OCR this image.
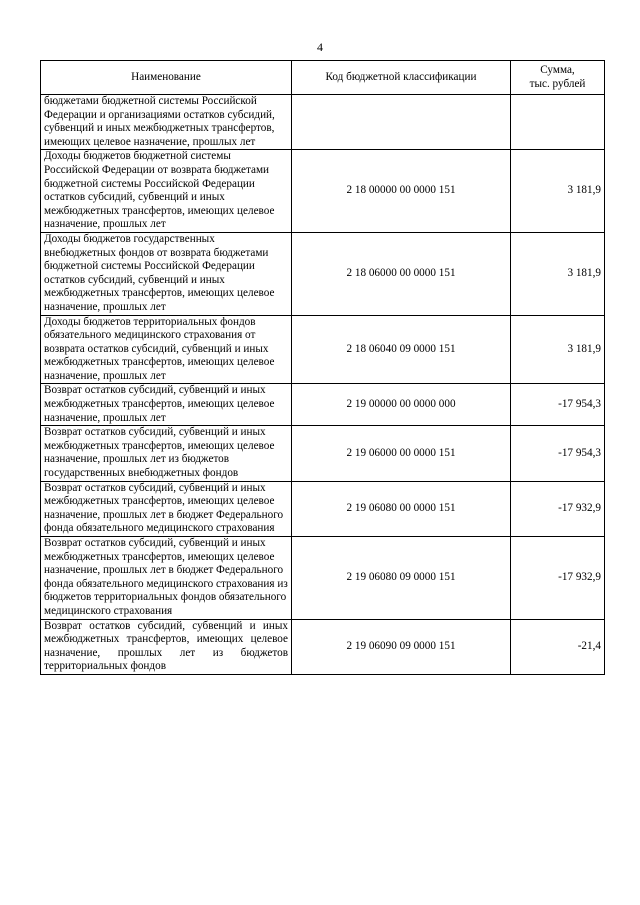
4
Наименование	Код бюджетной классификации	Сумма,
тыс. рублей

бюджетами бюджетной системы Российской Федерации и организациями остатков субсидий, субвенций и иных межбюджетных трансфертов, имеющих целевое назначение, прошлых лет		
Доходы бюджетов бюджетной системы Российской Федерации от возврата бюджетами бюджетной системы Российской Федерации остатков субсидий, субвенций и иных межбюджетных трансфертов, имеющих целевое назначение, прошлых лет	2 18 00000 00 0000 151	3 181,9
Доходы бюджетов государственных внебюджетных фондов от возврата бюджетами бюджетной системы Российской Федерации остатков субсидий, субвенций и иных межбюджетных трансфертов, имеющих целевое назначение, прошлых лет	2 18 06000 00 0000 151	3 181,9
Доходы бюджетов территориальных фондов обязательного медицинского страхования от возврата остатков субсидий, субвенций и иных межбюджетных трансфертов, имеющих целевое назначение, прошлых лет	2 18 06040 09 0000 151	3 181,9
Возврат остатков субсидий, субвенций и иных межбюджетных трансфертов, имеющих целевое назначение, прошлых лет	2 19 00000 00 0000 000	-17 954,3
Возврат остатков субсидий, субвенций и иных межбюджетных трансфертов, имеющих целевое назначение, прошлых лет из бюджетов государственных внебюджетных фондов	2 19 06000 00 0000 151	-17 954,3
Возврат остатков субсидий, субвенций и иных межбюджетных трансфертов, имеющих целевое назначение, прошлых лет в бюджет Федерального фонда обязательного медицинского страхования	2 19 06080 00 0000 151	-17 932,9
Возврат остатков субсидий, субвенций и иных межбюджетных трансфертов, имеющих целевое назначение, прошлых лет в бюджет Федерального фонда обязательного медицинского страхования из бюджетов территориальных фондов обязательного медицинского страхования	2 19 06080 09 0000 151	-17 932,9
Возврат остатков субсидий, субвенций и иных межбюджетных трансфертов, имеющих целевое назначение, прошлых лет из бюджетов территориальных фондов	2 19 06090 09 0000 151	-21,4
